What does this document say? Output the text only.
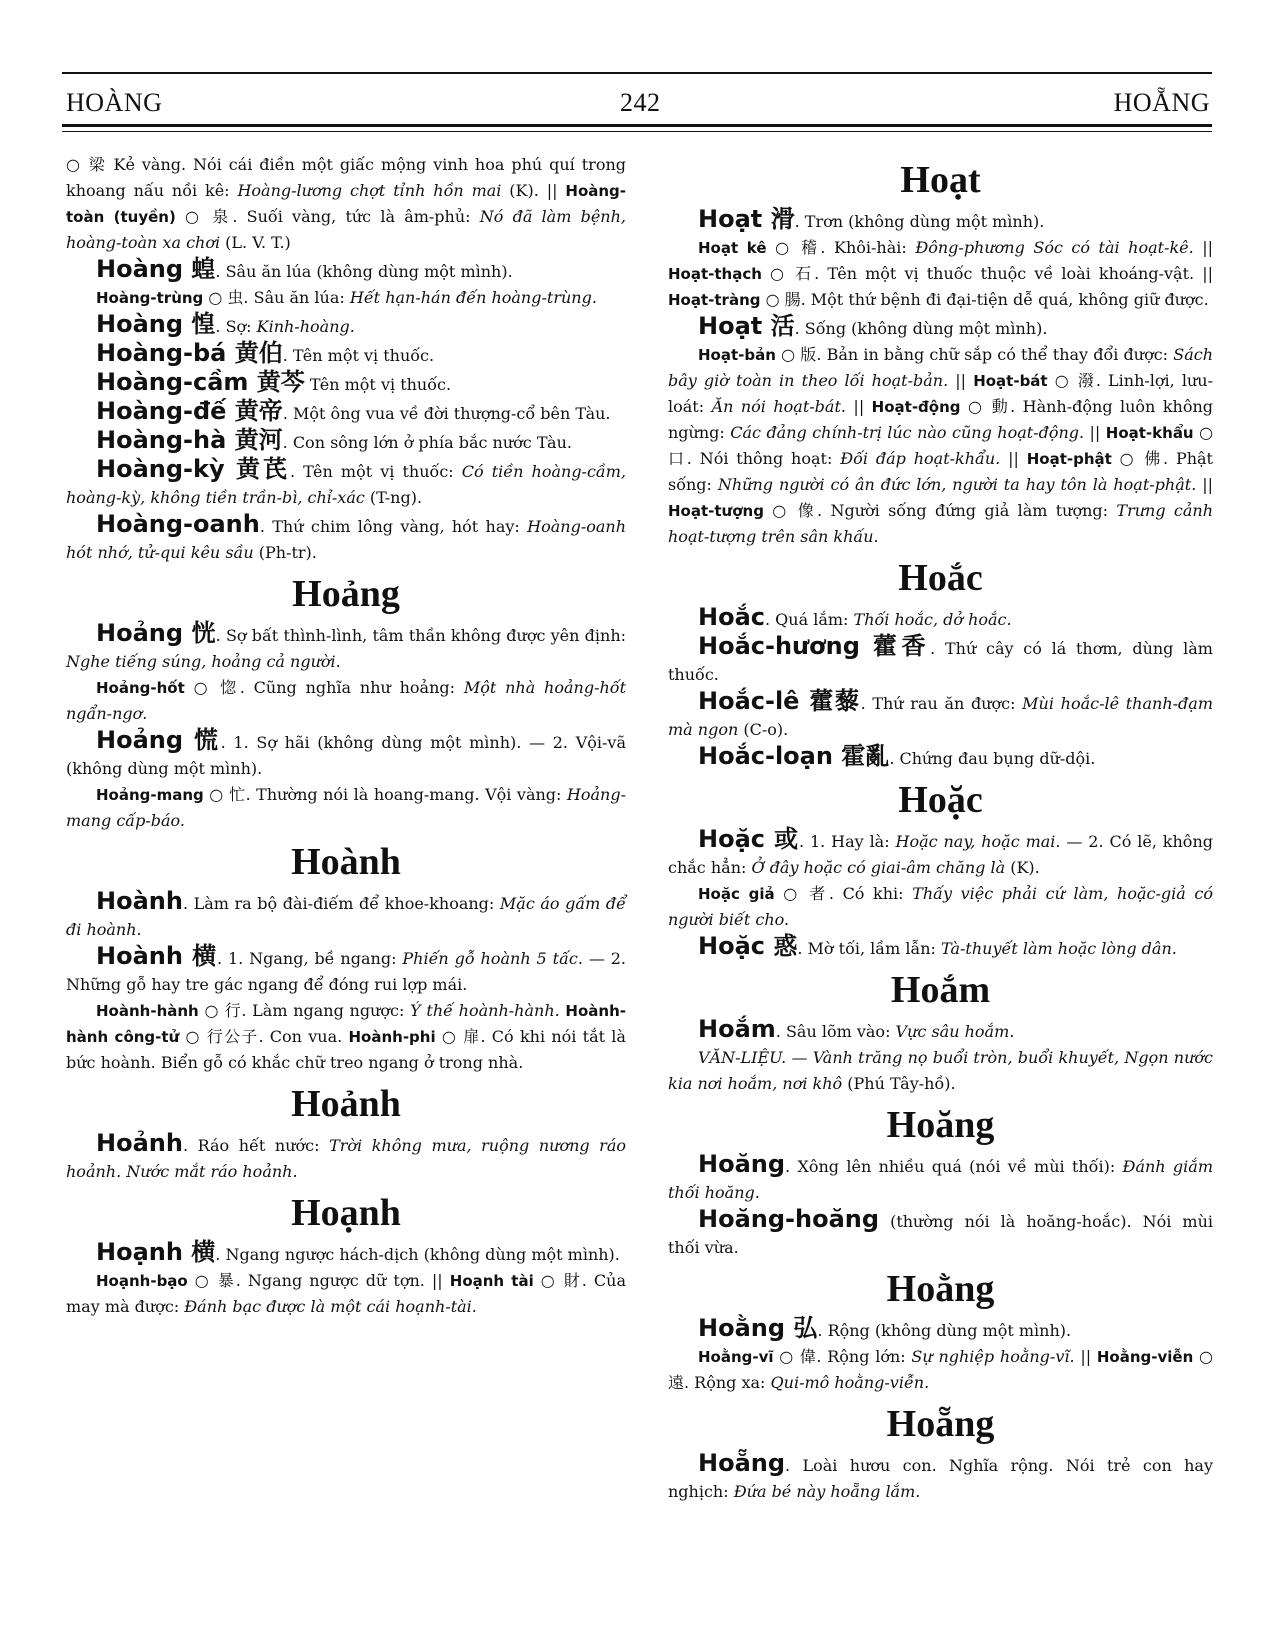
HOÀNG	242	HOẴNG

○ 梁 Kẻ vàng. Nói cái điền một giấc mộng vinh hoa phú quí trong khoang nấu nồi kê: Hoàng-lương chợt tỉnh hồn mai (K). || Hoàng-toàn (tuyền) ○ 泉. Suối vàng, tức là âm-phủ: Nó đã làm bệnh, hoàng-toàn xa chơi (L. V. T.)

Hoàng 蝗. Sâu ăn lúa (không dùng một mình).

Hoàng-trùng ○ 虫. Sâu ăn lúa: Hết hạn-hán đến hoàng-trùng.

Hoàng 惶. Sợ: Kinh-hoàng.

Hoàng-bá 黄伯. Tên một vị thuốc.

Hoàng-cầm 黄芩 Tên một vị thuốc.

Hoàng-đế 黄帝. Một ông vua về đời thượng-cổ bên Tàu.

Hoàng-hà 黄河. Con sông lớn ở phía bắc nước Tàu.

Hoàng-kỳ 黄芪. Tên một vị thuốc: Có tiền hoàng-cầm, hoàng-kỳ, không tiền trần-bì, chỉ-xác (T-ng).

Hoàng-oanh. Thứ chim lông vàng, hót hay: Hoàng-oanh hót nhớ, tử-qui kêu sầu (Ph-tr).

Hoảng

Hoảng 恍. Sợ bất thình-lình, tâm thần không được yên định: Nghe tiếng súng, hoảng cả người.

Hoảng-hốt ○ 惚. Cũng nghĩa như hoảng: Một nhà hoảng-hốt ngẩn-ngơ.

Hoảng 慌. 1. Sợ hãi (không dùng một mình). — 2. Vội-vã (không dùng một mình).

Hoảng-mang ○ 忙. Thường nói là hoang-mang. Vội vàng: Hoảng-mang cấp-báo.

Hoành

Hoành. Làm ra bộ đài-điếm để khoe-khoang: Mặc áo gấm để đi hoành.

Hoành 横. 1. Ngang, bề ngang: Phiến gỗ hoành 5 tấc. — 2. Những gỗ hay tre gác ngang để đóng rui lợp mái.

Hoành-hành ○ 行. Làm ngang ngược: Ý thế hoành-hành. Hoành-hành công-tử ○ 行公子. Con vua. Hoành-phi ○ 扉. Có khi nói tắt là bức hoành. Biển gỗ có khắc chữ treo ngang ở trong nhà.

Hoảnh

Hoảnh. Ráo hết nước: Trời không mưa, ruộng nương ráo hoảnh. Nước mắt ráo hoảnh.

Hoạnh

Hoạnh 横. Ngang ngược hách-dịch (không dùng một mình).

Hoạnh-bạo ○ 暴. Ngang ngược dữ tợn. || Hoạnh tài ○ 財. Của may mà được: Đánh bạc được là một cái hoạnh-tài.

Hoạt

Hoạt 滑. Trơn (không dùng một mình).

Hoạt kê ○ 稽. Khôi-hài: Đông-phương Sóc có tài hoạt-kê. || Hoạt-thạch ○ 石. Tên một vị thuốc thuộc về loài khoáng-vật. || Hoạt-tràng ○ 腸. Một thứ bệnh đi đại-tiện dễ quá, không giữ được.

Hoạt 活. Sống (không dùng một mình).

Hoạt-bản ○ 版. Bản in bằng chữ sắp có thể thay đổi được: Sách bây giờ toàn in theo lối hoạt-bản. || Hoạt-bát ○ 潑. Linh-lợi, lưu-loát: Ăn nói hoạt-bát. || Hoạt-động ○ 動. Hành-động luôn không ngừng: Các đảng chính-trị lúc nào cũng hoạt-động. || Hoạt-khẩu ○ 口. Nói thông hoạt: Đối đáp hoạt-khẩu. || Hoạt-phật ○ 佛. Phật sống: Những người có ân đức lớn, người ta hay tôn là hoạt-phật. || Hoạt-tượng ○ 像. Người sống đứng giả làm tượng: Trưng cảnh hoạt-tượng trên sân khấu.

Hoắc

Hoắc. Quá lắm: Thối hoắc, dở hoắc.

Hoắc-hương 藿香. Thứ cây có lá thơm, dùng làm thuốc.

Hoắc-lê 藿藜. Thứ rau ăn được: Mùi hoắc-lê thanh-đạm mà ngon (C-o).

Hoắc-loạn 霍亂. Chứng đau bụng dữ-dội.

Hoặc

Hoặc 或. 1. Hay là: Hoặc nay, hoặc mai. — 2. Có lẽ, không chắc hẳn: Ở đây hoặc có giai-âm chăng là (K).

Hoặc giả ○ 者. Có khi: Thấy việc phải cứ làm, hoặc-giả có người biết cho.

Hoặc 惑. Mờ tối, lầm lẫn: Tà-thuyết làm hoặc lòng dân.

Hoắm

Hoắm. Sâu lõm vào: Vực sâu hoắm.

VĂN-LIỆU. — Vành trăng nọ buổi tròn, buổi khuyết, Ngọn nước kia nơi hoắm, nơi khô (Phú Tây-hồ).

Hoăng

Hoăng. Xông lên nhiều quá (nói về mùi thối): Đánh giắm thối hoăng.

Hoăng-hoăng (thường nói là hoăng-hoắc). Nói mùi thối vừa.

Hoằng

Hoằng 弘. Rộng (không dùng một mình).

Hoằng-vĩ ○ 偉. Rộng lớn: Sự nghiệp hoằng-vĩ. || Hoằng-viễn ○ 遠. Rộng xa: Qui-mô hoằng-viễn.

Hoẵng

Hoẵng. Loài hươu con. Nghĩa rộng. Nói trẻ con hay nghịch: Đứa bé này hoẵng lắm.
